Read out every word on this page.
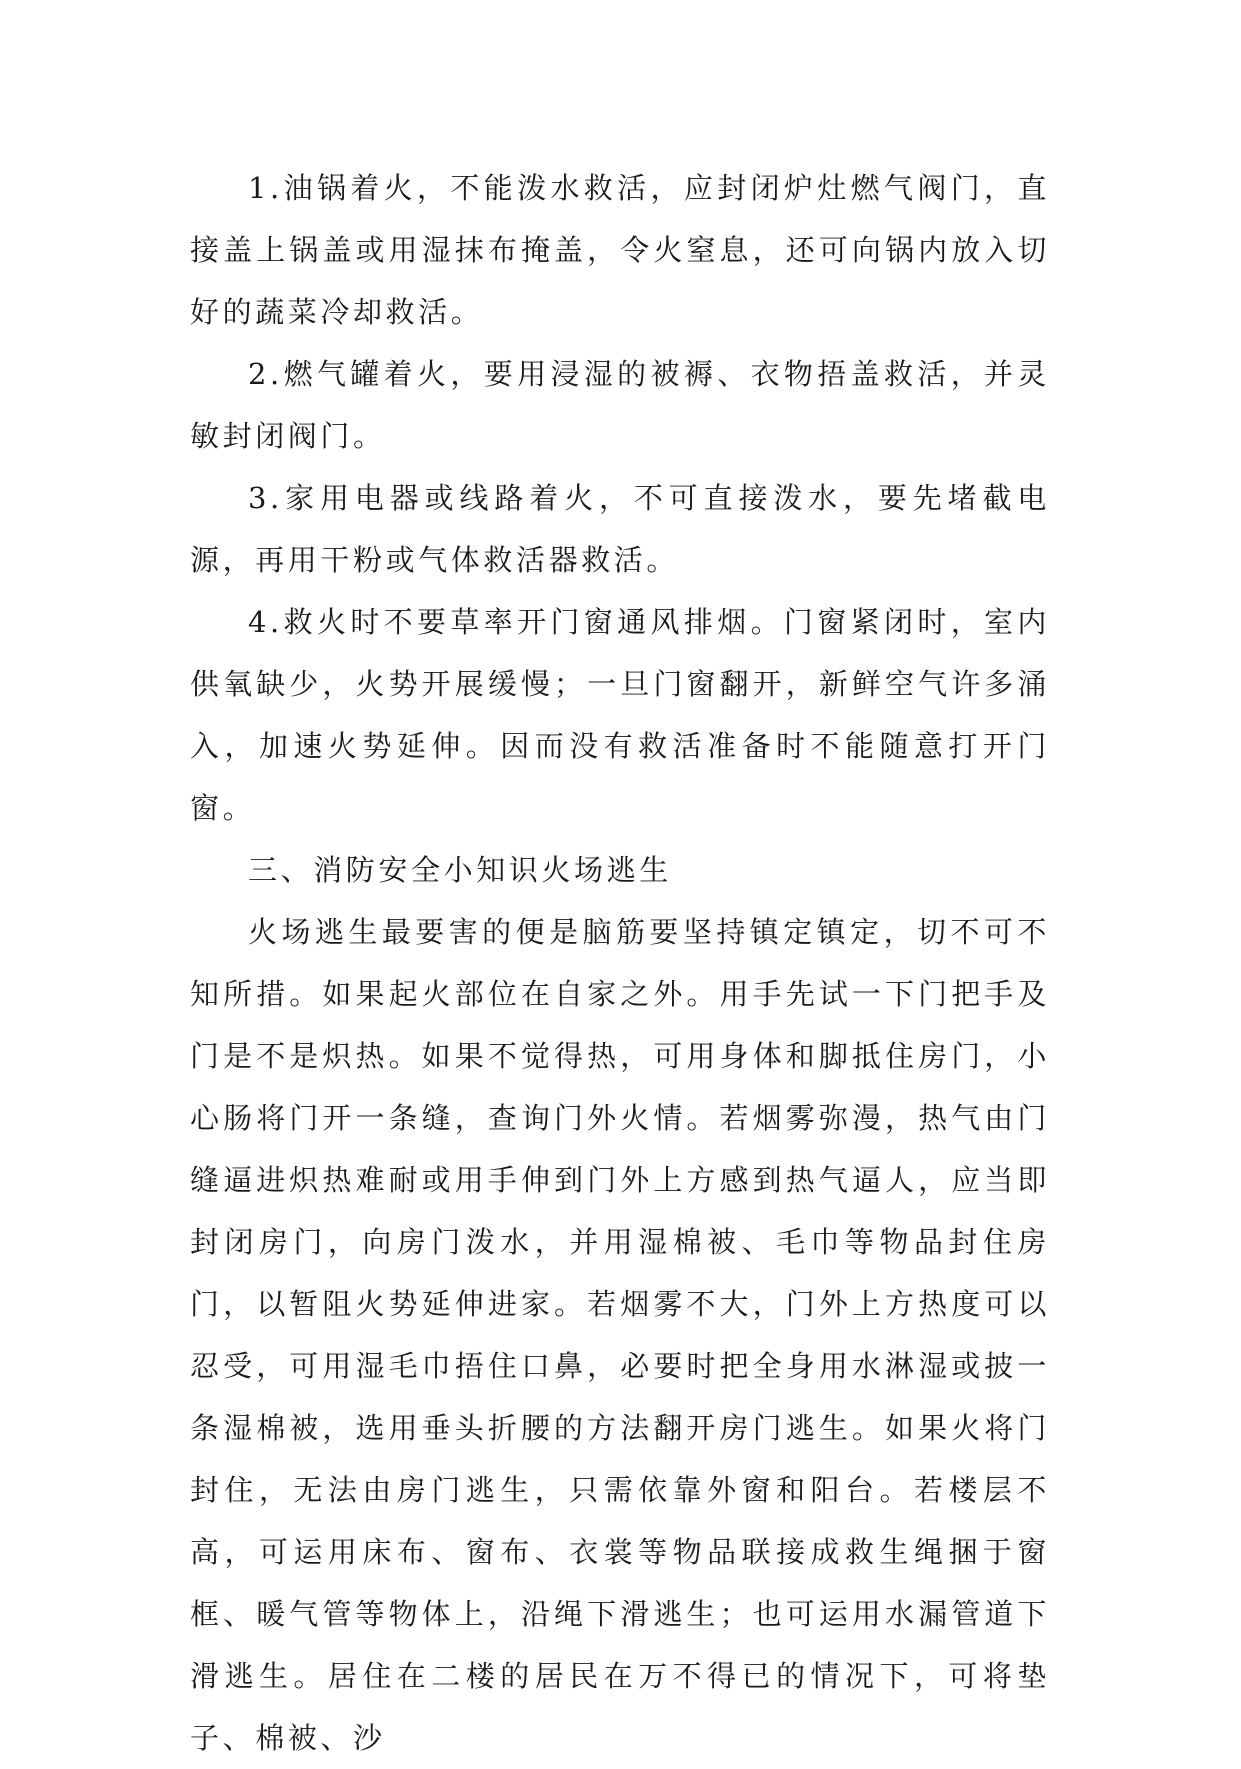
1.油锅着火，不能泼水救活，应封闭炉灶燃气阀门，直接盖上锅盖或用湿抹布掩盖，令火窒息，还可向锅内放入切好的蔬菜冷却救活。

2.燃气罐着火，要用浸湿的被褥、衣物捂盖救活，并灵敏封闭阀门。

3.家用电器或线路着火，不可直接泼水，要先堵截电源，再用干粉或气体救活器救活。

4.救火时不要草率开门窗通风排烟。门窗紧闭时，室内供氧缺少，火势开展缓慢；一旦门窗翻开，新鲜空气许多涌入，加速火势延伸。因而没有救活准备时不能随意打开门窗。

三、消防安全小知识火场逃生

火场逃生最要害的便是脑筋要坚持镇定镇定，切不可不知所措。如果起火部位在自家之外。用手先试一下门把手及门是不是炽热。如果不觉得热，可用身体和脚抵住房门，小心肠将门开一条缝，查询门外火情。若烟雾弥漫，热气由门缝逼进炽热难耐或用手伸到门外上方感到热气逼人，应当即封闭房门，向房门泼水，并用湿棉被、毛巾等物品封住房门，以暂阻火势延伸进家。若烟雾不大，门外上方热度可以忍受，可用湿毛巾捂住口鼻，必要时把全身用水淋湿或披一条湿棉被，选用垂头折腰的方法翻开房门逃生。如果火将门封住，无法由房门逃生，只需依靠外窗和阳台。若楼层不高，可运用床布、窗布、衣裳等物品联接成救生绳捆于窗框、暖气管等物体上，沿绳下滑逃生；也可运用水漏管道下滑逃生。居住在二楼的居民在万不得已的情况下，可将垫子、棉被、沙
